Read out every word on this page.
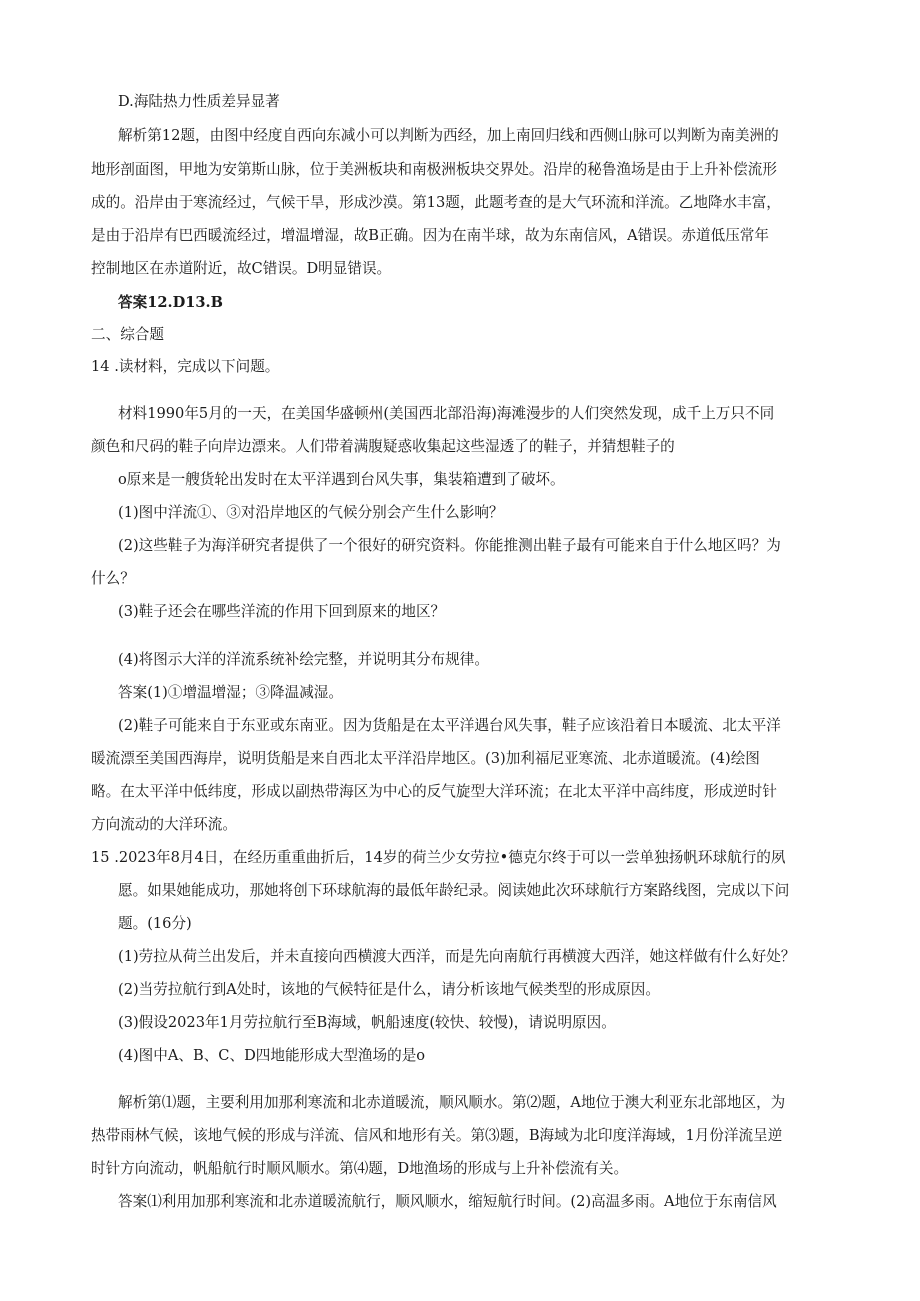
D.海陆热力性质差异显著
解析第12题，由图中经度自西向东减小可以判断为西经，加上南回归线和西侧山脉可以判断为南美洲的
地形剖面图，甲地为安第斯山脉，位于美洲板块和南极洲板块交界处。沿岸的秘鲁渔场是由于上升补偿流形
成的。沿岸由于寒流经过，气候干旱，形成沙漠。第13题，此题考查的是大气环流和洋流。乙地降水丰富，
是由于沿岸有巴西暖流经过，增温增湿，故B正确。因为在南半球，故为东南信风，A错误。赤道低压常年
控制地区在赤道附近，故C错误。D明显错误。
答案12.D13.B
二、综合题
14 .读材料，完成以下问题。
材料1990年5月的一天，在美国华盛顿州(美国西北部沿海)海滩漫步的人们突然发现，成千上万只不同
颜色和尺码的鞋子向岸边漂来。人们带着满腹疑惑收集起这些湿透了的鞋子，并猜想鞋子的
o原来是一艘货轮出发时在太平洋遇到台风失事，集装箱遭到了破坏。
(1)图中洋流①、③对沿岸地区的气候分别会产生什么影响？
(2)这些鞋子为海洋研究者提供了一个很好的研究资料。你能推测出鞋子最有可能来自于什么地区吗？为
什么？
(3)鞋子还会在哪些洋流的作用下回到原来的地区？
(4)将图示大洋的洋流系统补绘完整，并说明其分布规律。
答案(1)①增温增湿；③降温减湿。
(2)鞋子可能来自于东亚或东南亚。因为货船是在太平洋遇台风失事，鞋子应该沿着日本暖流、北太平洋
暖流漂至美国西海岸，说明货船是来自西北太平洋沿岸地区。(3)加利福尼亚寒流、北赤道暖流。(4)绘图
略。在太平洋中低纬度，形成以副热带海区为中心的反气旋型大洋环流；在北太平洋中高纬度，形成逆时针
方向流动的大洋环流。
15 .2023年8月4日，在经历重重曲折后，14岁的荷兰少女劳拉•德克尔终于可以一尝单独扬帆环球航行的夙
愿。如果她能成功，那她将创下环球航海的最低年龄纪录。阅读她此次环球航行方案路线图，完成以下问
题。(16分)
(1)劳拉从荷兰出发后，并未直接向西横渡大西洋，而是先向南航行再横渡大西洋，她这样做有什么好处？
(2)当劳拉航行到A处时，该地的气候特征是什么，请分析该地气候类型的形成原因。
(3)假设2023年1月劳拉航行至B海域，帆船速度(较快、较慢)，请说明原因。
(4)图中A、B、C、D四地能形成大型渔场的是o
解析第⑴题，主要利用加那利寒流和北赤道暖流，顺风顺水。第⑵题，A地位于澳大利亚东北部地区，为
热带雨林气候，该地气候的形成与洋流、信风和地形有关。第⑶题，B海域为北印度洋海域，1月份洋流呈逆
时针方向流动，帆船航行时顺风顺水。第⑷题，D地渔场的形成与上升补偿流有关。
答案⑴利用加那利寒流和北赤道暖流航行，顺风顺水，缩短航行时间。(2)高温多雨。A地位于东南信风
